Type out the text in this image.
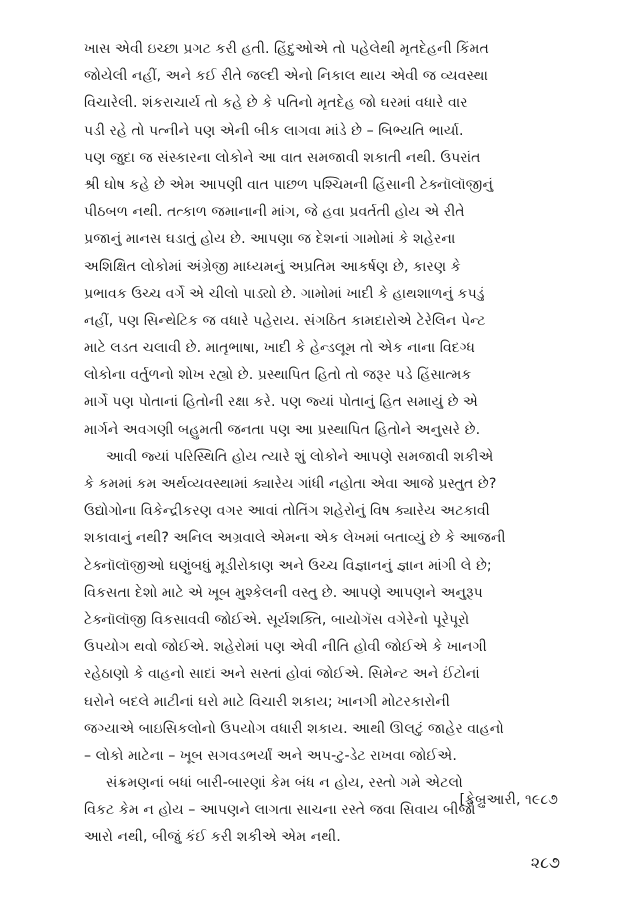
ખાસ એવી ઇચ્છા પ્રગટ કરી હતી. હિંદુઓએ તો પહેલેથી મૃતદેહની કિંમત
જોયેલી નહીં, અને કઈ રીતે જલ્દી એનો નિકાલ થાય એવી જ વ્યવસ્થા
વિચારેલી. શંકરાચાર્ય તો કહે છે કે પતિનો મૃતદેહ જો ઘરમાં વધારે વાર
પડી રહે તો પત્નીને પણ એની બીક લાગવા માંડે છે – બિભ્યતિ ભાર્યા.
પણ જુદા જ સંસ્કારના લોકોને આ વાત સમજાવી શકાતી નથી. ઉપરાંત
શ્રી ઘોષ કહે છે એમ આપણી વાત પાછળ પશ્ચિમની હિંસાની ટેક્નૉલૉજીનું
પીઠબળ નથી. તત્કાળ જમાનાની માંગ, જે હવા પ્રવર્તતી હોય એ રીતે
પ્રજાનું માનસ ઘડાતું હોય છે. આપણા જ દેશનાં ગામોમાં કે શહેરના
અશિક્ષિત લોકોમાં અંગ્રેજી માધ્યમનું અપ્રતિમ આકર્ષણ છે, કારણ કે
પ્રભાવક ઉચ્ચ વર્ગે એ ચીલો પાડ્યો છે. ગામોમાં ખાદી કે હાથશાળનું કપડું
નહીં, પણ સિન્થેટિક જ વધારે પહેરાય. સંગઠિત કામદારોએ ટેરેલિન પેન્ટ
માટે લડત ચલાવી છે. માતૃભાષા, ખાદી કે હેન્ડલૂમ તો એક નાના વિદગ્ધ
લોકોના વર્તુળનો શોખ રહ્યો છે. પ્રસ્થાપિત હિતો તો જરૂર પડે હિંસાત્મક
માર્ગે પણ પોતાનાં હિતોની રક્ષા કરે. પણ જ્યાં પોતાનું હિત સમાયું છે એ
માર્ગને અવગણી બહુમતી જનતા પણ આ પ્રસ્થાપિત હિતોને અનુસરે છે.
આવી જ્યાં પરિસ્થિતિ હોય ત્યારે શું લોકોને આપણે સમજાવી શકીએ
કે કમમાં કમ અર્થવ્યવસ્થામાં ક્યારેય ગાંધી નહોતા એવા આજે પ્રસ્તુત છે?
ઉદ્યોગોના વિકેન્દ્રીકરણ વગર આવાં તોતિંગ શહેરોનું વિષ ક્યારેય અટકાવી
શકાવાનું નથી? અનિલ અગ્રવાલે એમના એક લેખમાં બતાવ્યું છે કે આજની
ટેક્નૉલૉજીઓ ઘણુંબધું મૂડીરોકાણ અને ઉચ્ચ વિજ્ઞાનનું જ્ઞાન માંગી લે છે;
વિકસતા દેશો માટે એ ખૂબ મુશ્કેલની વસ્તુ છે. આપણે આપણને અનુરૂપ
ટેક્નૉલૉજી વિકસાવવી જોઈએ. સૂર્યશક્તિ, બાયોગૅસ વગેરેનો પૂરેપૂરો
ઉપયોગ થવો જોઈએ. શહેરોમાં પણ એવી નીતિ હોવી જોઈએ કે ખાનગી
રહેઠાણો કે વાહનો સાદાં અને સસ્તાં હોવાં જોઈએ. સિમેન્ટ અને ઈંટોનાં
ઘરોને બદલે માટીનાં ઘરો માટે વિચારી શકાય; ખાનગી મોટરકારોની
જગ્યાએ બાઇસિકલોનો ઉપયોગ વધારી શકાય. આથી ઊલટું જાહેર વાહનો
– લોકો માટેના – ખૂબ સગવડભર્યાં અને અપ-ટુ-ડેટ રાખવા જોઈએ.
સંક્રમણનાં બધાં બારી-બારણાં કેમ બંધ ન હોય, રસ્તો ગમે એટલો
વિકટ કેમ ન હોય – આપણને લાગતા સાચના રસ્તે જવા સિવાય બીજો
આરો નથી, બીજું કંઈ કરી શકીએ એમ નથી.
[ફેબ્રુઆરી, ૧૯૮૭
૨૮૭
